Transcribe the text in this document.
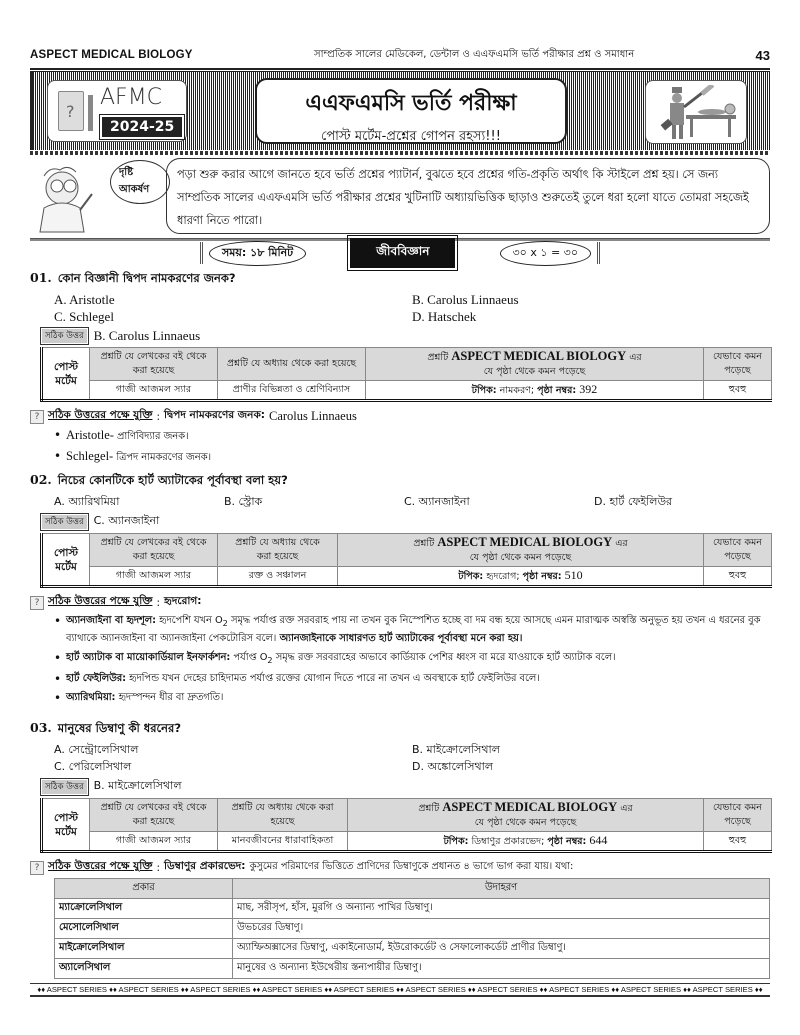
ASPECT MEDICAL BIOLOGY	সাম্প্রতিক সালের মেডিকেল, ডেন্টাল ও এএফএমসি ভর্তি পরীক্ষার প্রশ্ন ও সমাধান	43
?
AFMC
2024-25
এএফএমসি ভর্তি পরীক্ষা
পোস্ট মর্টেম-প্রশ্নের গোপন রহস্য!!!
দৃষ্টি আকর্ষণ
পড়া শুরু করার আগে জানতে হবে ভর্তি প্রশ্নের প্যাটার্ন, বুঝতে হবে প্রশ্নের গতি-প্রকৃতি অর্থাৎ কি স্টাইলে প্রশ্ন হয়। সে জন্য সাম্প্রতিক সালের এএফএমসি ভর্তি পরীক্ষার প্রশ্নের খুটিনাটি অধ্যায়ভিত্তিক ছাড়াও শুরুতেই তুলে ধরা হলো যাতে তোমরা সহজেই ধারণা নিতে পারো।
সময়: ১৮ মিনিট	জীববিজ্ঞান	৩০ x ১ = ৩০
01. কোন বিজ্ঞানী দ্বিপদ নামকরণের জনক?
A. Aristotle	B. Carolus Linnaeus
C. Schlegel	D. Hatschek
সঠিক উত্তর B. Carolus Linnaeus
পোস্ট মর্টেম	প্রশ্নটি যে লেখকের বই থেকে করা হয়েছে	প্রশ্নটি যে অধ্যায় থেকে করা হয়েছে	প্রশ্নটি ASPECT MEDICAL BIOLOGY এর
যে পৃষ্ঠা থেকে কমন পড়েছে	যেভাবে কমন পড়েছে
	গাজী আজমল স্যার	প্রাণীর বিভিন্নতা ও শ্রেণিবিন্যাস	টপিক: নামকরণ; পৃষ্ঠা নম্বর: 392	হুবহু
? সঠিক উত্তরের পক্ষে যুক্তি : দ্বিপদ নামকরণের জনক: Carolus Linnaeus
• Aristotle- প্রাণিবিদ্যার জনক।
• Schlegel- ত্রিপদ নামকরণের জনক।
02. নিচের কোনটিকে হার্ট অ্যাটাকের পূর্বাবস্থা বলা হয়?
A. অ্যারিথমিয়া	B. স্ট্রোক	C. অ্যানজাইনা	D. হার্ট ফেইলিউর
সঠিক উত্তর C. অ্যানজাইনা
পোস্ট মর্টেম	প্রশ্নটি যে লেখকের বই থেকে করা হয়েছে	প্রশ্নটি যে অধ্যায় থেকে
করা হয়েছে	প্রশ্নটি ASPECT MEDICAL BIOLOGY এর
যে পৃষ্ঠা থেকে কমন পড়েছে	যেভাবে কমন পড়েছে
	গাজী আজমল স্যার	রক্ত ও সঞ্চালন	টপিক: হৃদরোগ; পৃষ্ঠা নম্বর: 510	হুবহু
? সঠিক উত্তরের পক্ষে যুক্তি : হৃদরোগ:
• অ্যানজাইনা বা হৃদশূল: হৃদপেশি যখন $O_2$ সমৃদ্ধ পর্যাপ্ত রক্ত সরবরাহ পায় না তখন বুক নিস্পেশিত হচ্ছে বা দম বন্ধ হয়ে আসছে এমন মারাত্মক অস্বস্তি অনুভূত হয় তখন এ ধরনের বুক ব্যাথাকে অ্যানজাইনা বা অ্যানজাইনা পেকটোরিস বলে। অ্যানজাইনাকে সাধারণত হার্ট অ্যাটাকের পূর্বাবস্থা মনে করা হয়।
• হার্ট অ্যাটাক বা মায়োকার্ডিয়াল ইনফার্কশন: পর্যাপ্ত $O_2$ সমৃদ্ধ রক্ত সরবরাহের অভাবে কার্ডিয়াক পেশির ধ্বংস বা মরে যাওয়াকে হার্ট অ্যাটাক বলে।
• হার্ট ফেইলিউর: হৃদপিন্ড যখন দেহের চাহিদামত পর্যাপ্ত রক্তের যোগান দিতে পারে না তখন এ অবস্থাকে হার্ট ফেইলিউর বলে।
• অ্যারিথমিয়া: হৃদস্পন্দন ধীর বা দ্রুতগতি।
03. মানুষের ডিম্বাণু কী ধরনের?
A. সেন্ট্রোলেসিথাল	B. মাইক্রোলেসিথাল
C. পেরিলেসিথাল	D. অঙ্কোলেসিথাল
সঠিক উত্তর B. মাইক্রোলেসিথাল
পোস্ট মর্টেম	প্রশ্নটি যে লেখকের বই থেকে করা হয়েছে	প্রশ্নটি যে অধ্যায় থেকে করা
হয়েছে	প্রশ্নটি ASPECT MEDICAL BIOLOGY এর
যে পৃষ্ঠা থেকে কমন পড়েছে	যেভাবে কমন পড়েছে
	গাজী আজমল স্যার	মানবজীবনের ধারাবাহিকতা	টপিক: ডিম্বাণুর প্রকারভেদ; পৃষ্ঠা নম্বর: 644	হুবহু
? সঠিক উত্তরের পক্ষে যুক্তি : ডিম্বাণুর প্রকারভেদ: কুসুমের পরিমাণের ভিত্তিতে প্রাণিদের ডিম্বাণুকে প্রধানত ৪ ভাগে ভাগ করা যায়। যথা:
প্রকার	উদাহরণ
ম্যাক্রোলেসিথাল	মাছ, সরীসৃপ, হাঁস, মুরগি ও অন্যান্য পাখির ডিম্বাণু।
মেসোলেসিথাল	উভচরের ডিম্বাণু।
মাইক্রোলেসিথাল	অ্যাম্ফিঅক্সাসের ডিম্বাণু, একাইনোডার্ম, ইউরোকর্ডেট ও সেফালোকর্ডেট প্রাণীর ডিম্বাণু।
অ্যালেসিথাল	মানুষের ও অন্যান্য ইউথেরীয় স্তন্যপায়ীর ডিম্বাণু।
♦♦ ASPECT SERIES ♦♦ ASPECT SERIES ♦♦ ASPECT SERIES ♦♦ ASPECT SERIES ♦♦ ASPECT SERIES ♦♦ ASPECT SERIES ♦♦ ASPECT SERIES ♦♦ ASPECT SERIES ♦♦ ASPECT SERIES ♦♦ ASPECT SERIES ♦♦
